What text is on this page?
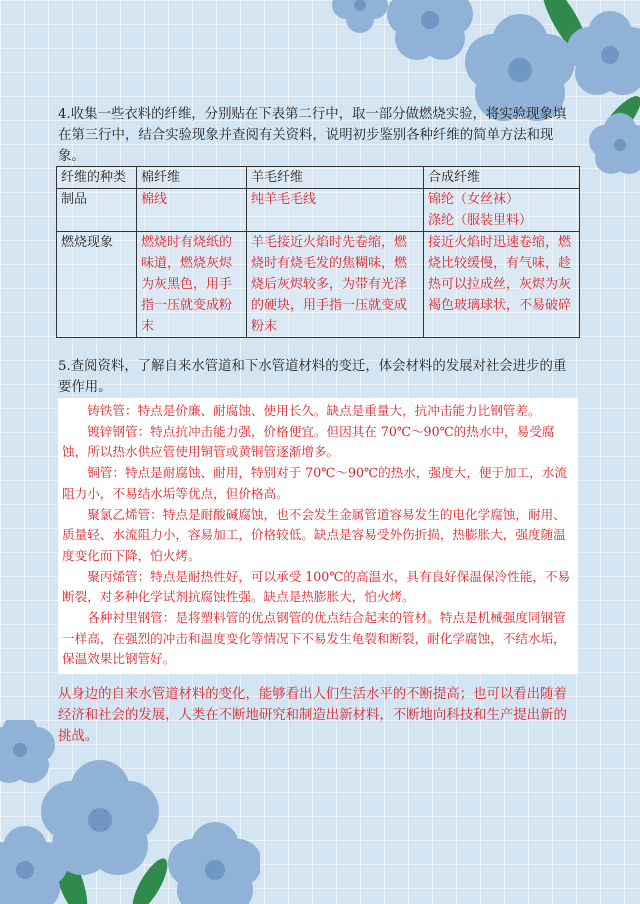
4.收集一些衣料的纤维，分别贴在下表第二行中，取一部分做燃烧实验，将实验现象填在第三行中，结合实验现象并查阅有关资料，说明初步鉴别各种纤维的简单方法和现象。
纤维的种类	棉纤维	羊毛纤维	合成纤维
制品	棉线	纯羊毛毛线	锦纶（女丝袜）
涤纶（服装里料）

燃烧现象	燃烧时有烧纸的味道，燃烧灰烬为灰黑色，用手指一压就变成粉末	羊毛接近火焰时先卷缩，燃烧时有烧毛发的焦糊味，燃烧后灰烬较多，为带有光泽的硬块，用手指一压就变成粉末	接近火焰时迅速卷缩，燃烧比较缓慢，有气味，趁热可以拉成丝，灰烬为灰褐色玻璃球状，不易破碎
5.查阅资料，了解自来水管道和下水管道材料的变迁，体会材料的发展对社会进步的重要作用。

铸铁管：特点是价廉、耐腐蚀、使用长久。缺点是重量大，抗冲击能力比钢管差。

镀锌钢管：特点抗冲击能力强，价格便宜。但因其在 70℃～90℃的热水中，易受腐蚀，所以热水供应管使用铜管或黄铜管逐渐增多。

铜管：特点是耐腐蚀、耐用，特别对于 70℃～90℃的热水，强度大，便于加工，水流阻力小，不易结水垢等优点，但价格高。

聚氯乙烯管：特点是耐酸碱腐蚀，也不会发生金属管道容易发生的电化学腐蚀，耐用、质量轻、水流阻力小，容易加工，价格较低。缺点是容易受外伤折损，热膨胀大，强度随温度变化而下降，怕火烤。

聚丙烯管：特点是耐热性好，可以承受 100℃的高温水，具有良好保温保冷性能，不易断裂，对多种化学试剂抗腐蚀性强。缺点是热膨胀大，怕火烤。

各种衬里钢管：是将塑料管的优点钢管的优点结合起来的管材。特点是机械强度同钢管一样高，在强烈的冲击和温度变化等情况下不易发生龟裂和断裂，耐化学腐蚀，不结水垢，保温效果比钢管好。

从身边的自来水管道材料的变化，能够看出人们生活水平的不断提高；也可以看出随着经济和社会的发展，人类在不断地研究和制造出新材料，不断地向科技和生产提出新的挑战。
